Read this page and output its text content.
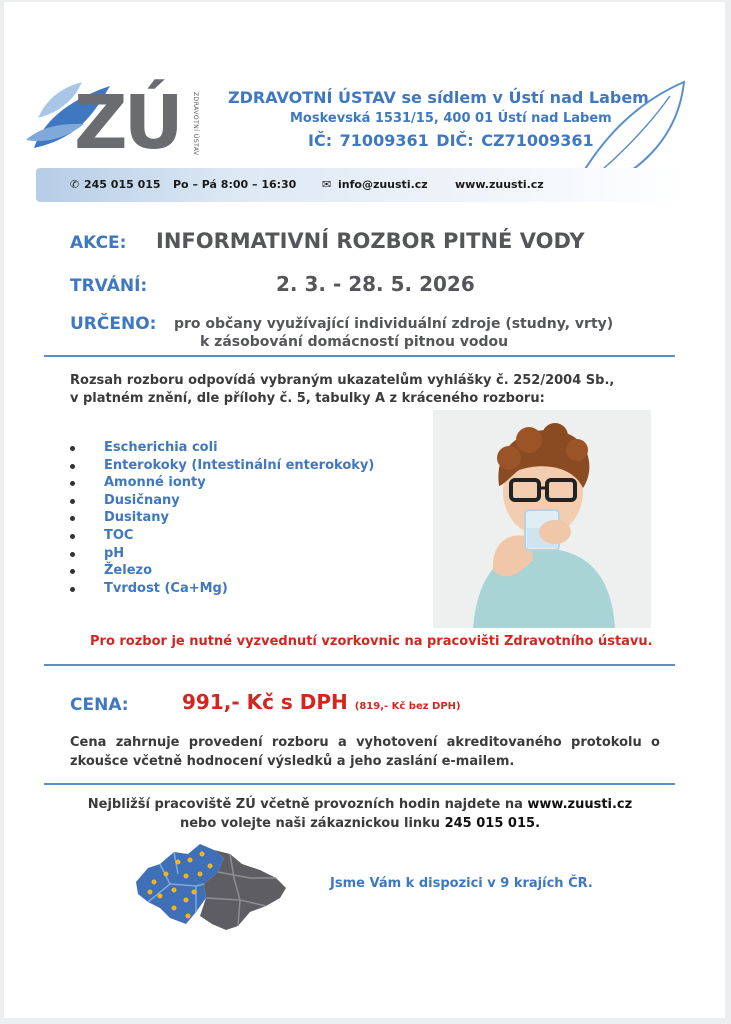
ZÚ ZDRAVOTNÍ ÚSTAV ZDRAVOTNÍ ÚSTAV se sídlem v Ústí nad Labem
Moskevská 1531/15, 400 01 Ústí nad Labem
IČ: 71009361 DIČ: CZ71009361
✆ 245 015 015 Po – Pá 8:00 – 16:30 ✉ info@zuusti.cz www.zuusti.cz
AKCE: INFORMATIVNÍ ROZBOR PITNÉ VODY
TRVÁNÍ:	2. 3. - 28. 5. 2026
URČENO: pro občany využívající individuální zdroje (studny, vrty)
k zásobování domácností pitnou vodou
Rozsah rozboru odpovídá vybraným ukazatelům vyhlášky č. 252/2004 Sb.,
v platném znění, dle přílohy č. 5, tabulky A z kráceného rozboru:
Escherichia coli
Enterokoky (Intestinální enterokoky)
Amonné ionty
Dusičnany
Dusitany
TOC
pH
Železo
Tvrdost (Ca+Mg)
Pro rozbor je nutné vyzvednutí vzorkovnic na pracovišti Zdravotního ústavu.
CENA:	991,- Kč s DPH (819,- Kč bez DPH)
Cena zahrnuje provedení rozboru a vyhotovení akreditovaného protokolu o zkoušce včetně hodnocení výsledků a jeho zaslání e-mailem.
Nejbližší pracoviště ZÚ včetně provozních hodin najdete na www.zuusti.cz
nebo volejte naši zákaznickou linku 245 015 015.
Jsme Vám k dispozici v 9 krajích ČR.
